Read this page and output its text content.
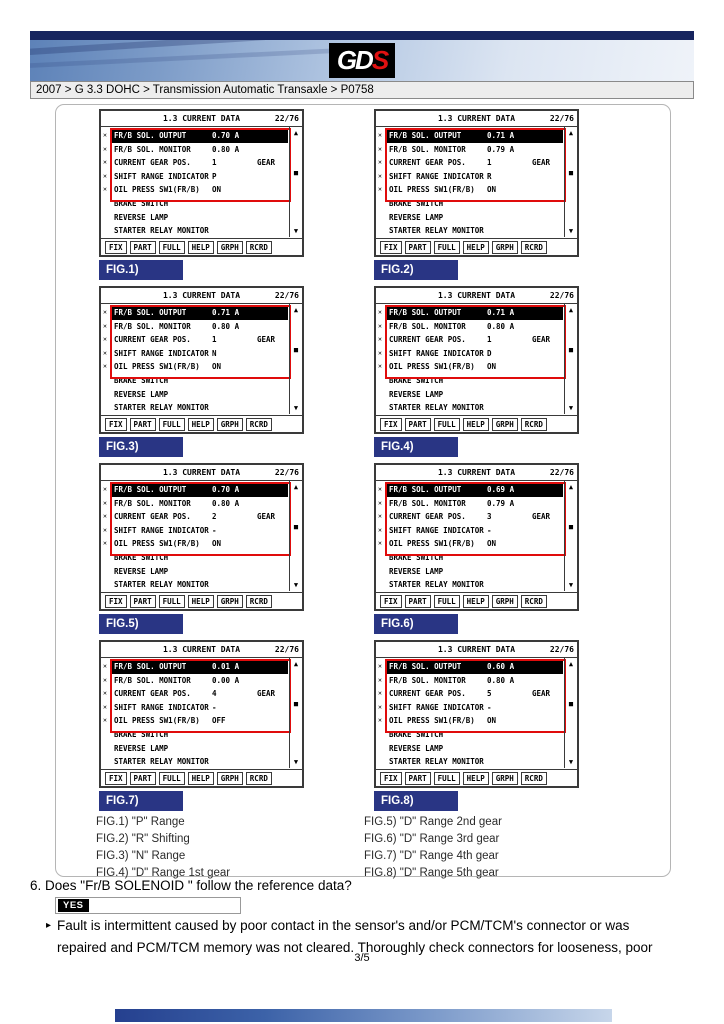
GD S
2007 > G 3.3 DOHC > Transmission Automatic Transaxle > P0758
1.3 CURRENT DATA	22/76
✕ FR/B SOL. OUTPUT	0.70 A
✕ FR/B SOL. MONITOR	0.80 A
✕ CURRENT GEAR POS.	1	GEAR
✕ SHIFT RANGE INDICATOR P
✕ OIL PRESS SW1(FR/B) ON
BRAKE SWITCH
REVERSE LAMP
STARTER RELAY MONITOR
▲
■
▼
FIX	PART	FULL	HELP	GRPH	RCRD
FIG.1)
1.3 CURRENT DATA	22/76
✕ FR/B SOL. OUTPUT	0.71 A
✕ FR/B SOL. MONITOR	0.79 A
✕ CURRENT GEAR POS.	1	GEAR
✕ SHIFT RANGE INDICATOR R
✕ OIL PRESS SW1(FR/B) ON
BRAKE SWITCH
REVERSE LAMP
STARTER RELAY MONITOR
▲
■
▼
FIX	PART	FULL	HELP	GRPH	RCRD
FIG.2)
1.3 CURRENT DATA	22/76
✕ FR/B SOL. OUTPUT	0.71 A
✕ FR/B SOL. MONITOR	0.80 A
✕ CURRENT GEAR POS.	1	GEAR
✕ SHIFT RANGE INDICATOR N
✕ OIL PRESS SW1(FR/B) ON
BRAKE SWITCH
REVERSE LAMP
STARTER RELAY MONITOR
▲
■
▼
FIX	PART	FULL	HELP	GRPH	RCRD
FIG.3)
1.3 CURRENT DATA	22/76
✕ FR/B SOL. OUTPUT	0.71 A
✕ FR/B SOL. MONITOR	0.80 A
✕ CURRENT GEAR POS.	1	GEAR
✕ SHIFT RANGE INDICATOR D
✕ OIL PRESS SW1(FR/B) ON
BRAKE SWITCH
REVERSE LAMP
STARTER RELAY MONITOR
▲
■
▼
FIX	PART	FULL	HELP	GRPH	RCRD
FIG.4)
1.3 CURRENT DATA	22/76
✕ FR/B SOL. OUTPUT	0.70 A
✕ FR/B SOL. MONITOR	0.80 A
✕ CURRENT GEAR POS.	2	GEAR
✕ SHIFT RANGE INDICATOR -
✕ OIL PRESS SW1(FR/B) ON
BRAKE SWITCH
REVERSE LAMP
STARTER RELAY MONITOR
▲
■
▼
FIX	PART	FULL	HELP	GRPH	RCRD
FIG.5)
1.3 CURRENT DATA	22/76
✕ FR/B SOL. OUTPUT	0.69 A
✕ FR/B SOL. MONITOR	0.79 A
✕ CURRENT GEAR POS.	3	GEAR
✕ SHIFT RANGE INDICATOR -
✕ OIL PRESS SW1(FR/B) ON
BRAKE SWITCH
REVERSE LAMP
STARTER RELAY MONITOR
▲
■
▼
FIX	PART	FULL	HELP	GRPH	RCRD
FIG.6)
1.3 CURRENT DATA	22/76
✕ FR/B SOL. OUTPUT	0.01 A
✕ FR/B SOL. MONITOR	0.00 A
✕ CURRENT GEAR POS.	4	GEAR
✕ SHIFT RANGE INDICATOR -
✕ OIL PRESS SW1(FR/B) OFF
BRAKE SWITCH
REVERSE LAMP
STARTER RELAY MONITOR
▲
■
▼
FIX	PART	FULL	HELP	GRPH	RCRD
FIG.7)
1.3 CURRENT DATA	22/76
✕ FR/B SOL. OUTPUT	0.60 A
✕ FR/B SOL. MONITOR	0.80 A
✕ CURRENT GEAR POS.	5	GEAR
✕ SHIFT RANGE INDICATOR -
✕ OIL PRESS SW1(FR/B) ON
BRAKE SWITCH
REVERSE LAMP
STARTER RELAY MONITOR
▲
■
▼
FIX	PART	FULL	HELP	GRPH	RCRD
FIG.8)
FIG.1) "P" Range
FIG.2) "R" Shifting
FIG.3) "N" Range
FIG.4) "D" Range 1st gear
FIG.5) "D" Range 2nd gear
FIG.6) "D" Range 3rd gear
FIG.7) "D" Range 4th gear
FIG.8) "D" Range 5th gear
6. Does "Fr/B SOLENOID " follow the reference data?
YES
▸ Fault is intermittent caused by poor contact in the sensor's and/or PCM/TCM's connector or was repaired and PCM/TCM memory was not cleared. Thoroughly check connectors for looseness, poor
3/5
